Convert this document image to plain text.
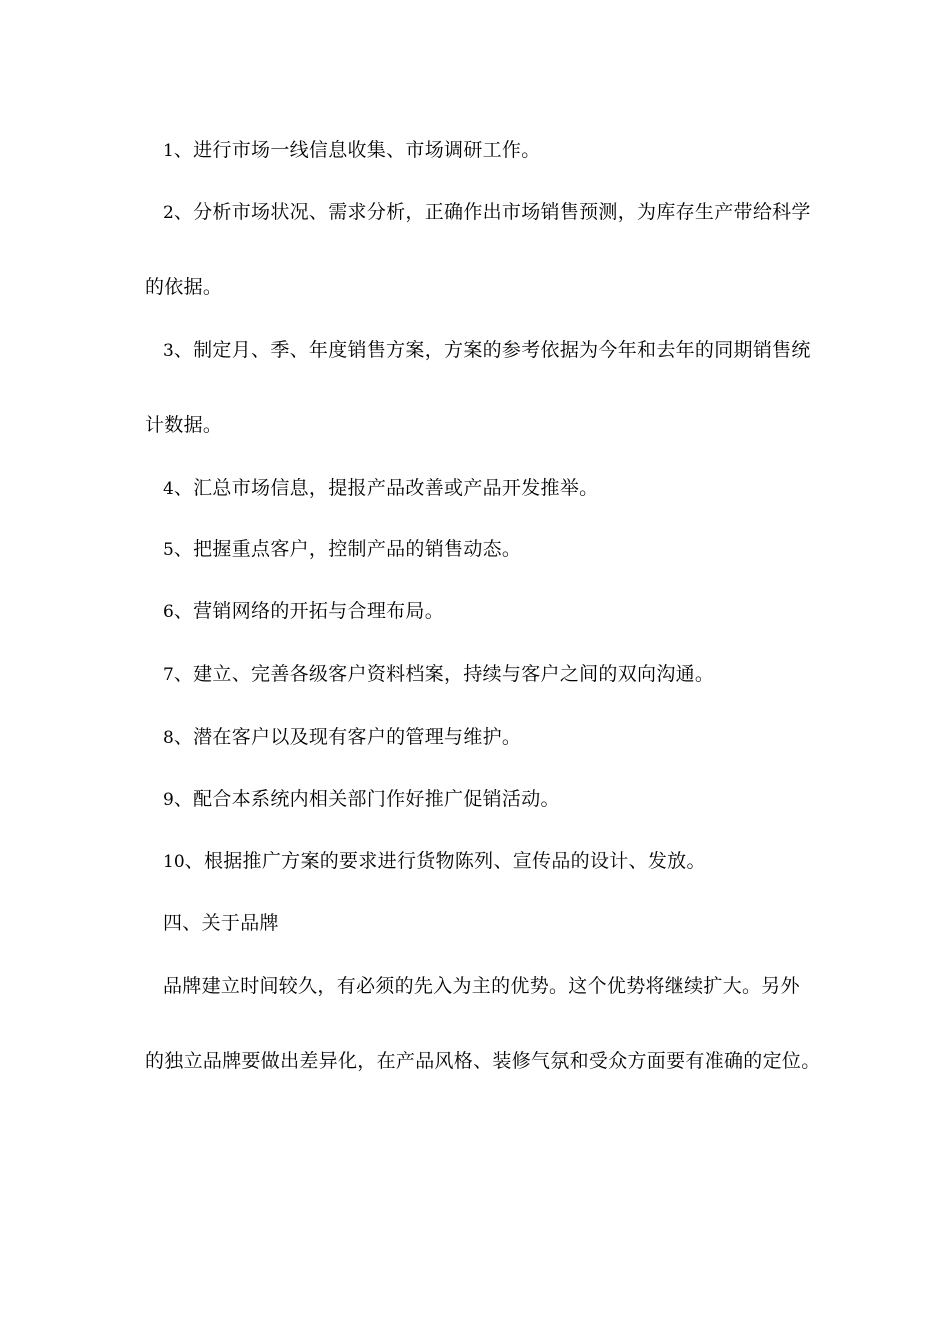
1、进行市场一线信息收集、市场调研工作。
2、分析市场状况、需求分析，正确作出市场销售预测，为库存生产带给科学
的依据。
3、制定月、季、年度销售方案，方案的参考依据为今年和去年的同期销售统
计数据。
4、汇总市场信息，提报产品改善或产品开发推举。
5、把握重点客户，控制产品的销售动态。
6、营销网络的开拓与合理布局。
7、建立、完善各级客户资料档案，持续与客户之间的双向沟通。
8、潜在客户以及现有客户的管理与维护。
9、配合本系统内相关部门作好推广促销活动。
10、根据推广方案的要求进行货物陈列、宣传品的设计、发放。
四、关于品牌
品牌建立时间较久，有必须的先入为主的优势。这个优势将继续扩大。另外
的独立品牌要做出差异化，在产品风格、装修气氛和受众方面要有准确的定位。
